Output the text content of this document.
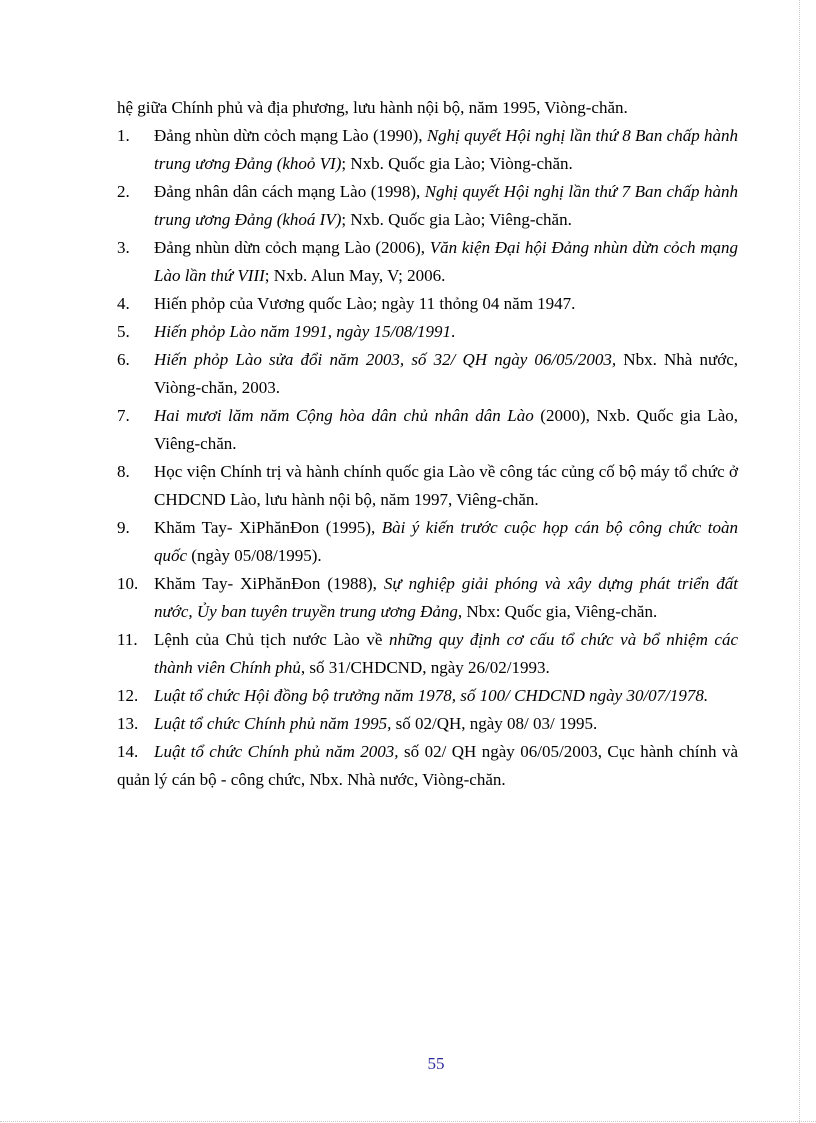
hệ giữa Chính phủ và địa phương, lưu hành nội bộ, năm 1995, Viòng-chăn.

1. Đảng nhùn dừn cỏch mạng Lào (1990), Nghị quyết Hội nghị lần thứ 8 Ban chấp hành trung ương Đảng (khoỏ VI); Nxb. Quốc gia Lào; Viòng-chăn.

2. Đảng nhân dân cách mạng Lào (1998), Nghị quyết Hội nghị lần thứ 7 Ban chấp hành trung ương Đảng (khoá IV); Nxb. Quốc gia Lào; Viêng-chăn.

3. Đảng nhùn dừn cỏch mạng Lào (2006), Văn kiện Đại hội Đảng nhùn dừn cỏch mạng Lào lần thứ VIII; Nxb. Alun May, V; 2006.

4. Hiến phỏp của Vương quốc Lào; ngày 11 thỏng 04 năm 1947.

5. Hiến phỏp Lào năm 1991, ngày 15/08/1991.

6. Hiến phỏp Lào sửa đổi năm 2003, số 32/ QH ngày 06/05/2003, Nbx. Nhà nước, Viòng-chăn, 2003.

7. Hai mươi lăm năm Cộng hòa dân chủ nhân dân Lào (2000), Nxb. Quốc gia Lào, Viêng-chăn.

8. Học viện Chính trị và hành chính quốc gia Lào về công tác củng cố bộ máy tổ chức ở CHDCND Lào, lưu hành nội bộ, năm 1997, Viêng-chăn.

9. Khăm Tay- XiPhănĐon (1995), Bài ý kiến trước cuộc họp cán bộ công chức toàn quốc (ngày 05/08/1995).

10. Khăm Tay- XiPhănĐon (1988), Sự nghiệp giải phóng và xây dựng phát triển đất nước, Ủy ban tuyên truyền trung ương Đảng, Nbx: Quốc gia, Viêng-chăn.

11. Lệnh của Chủ tịch nước Lào về những quy định cơ cấu tổ chức và bổ nhiệm các thành viên Chính phủ, số 31/CHDCND, ngày 26/02/1993.

12. Luật tổ chức Hội đồng bộ trưởng năm 1978, số 100/ CHDCND ngày 30/07/1978.

13. Luật tổ chức Chính phủ năm 1995, số 02/QH, ngày 08/ 03/ 1995.

14. Luật tổ chức Chính phủ năm 2003, số 02/ QH ngày 06/05/2003, Cục hành chính và quản lý cán bộ - công chức, Nbx. Nhà nước, Viòng-chăn.

55
